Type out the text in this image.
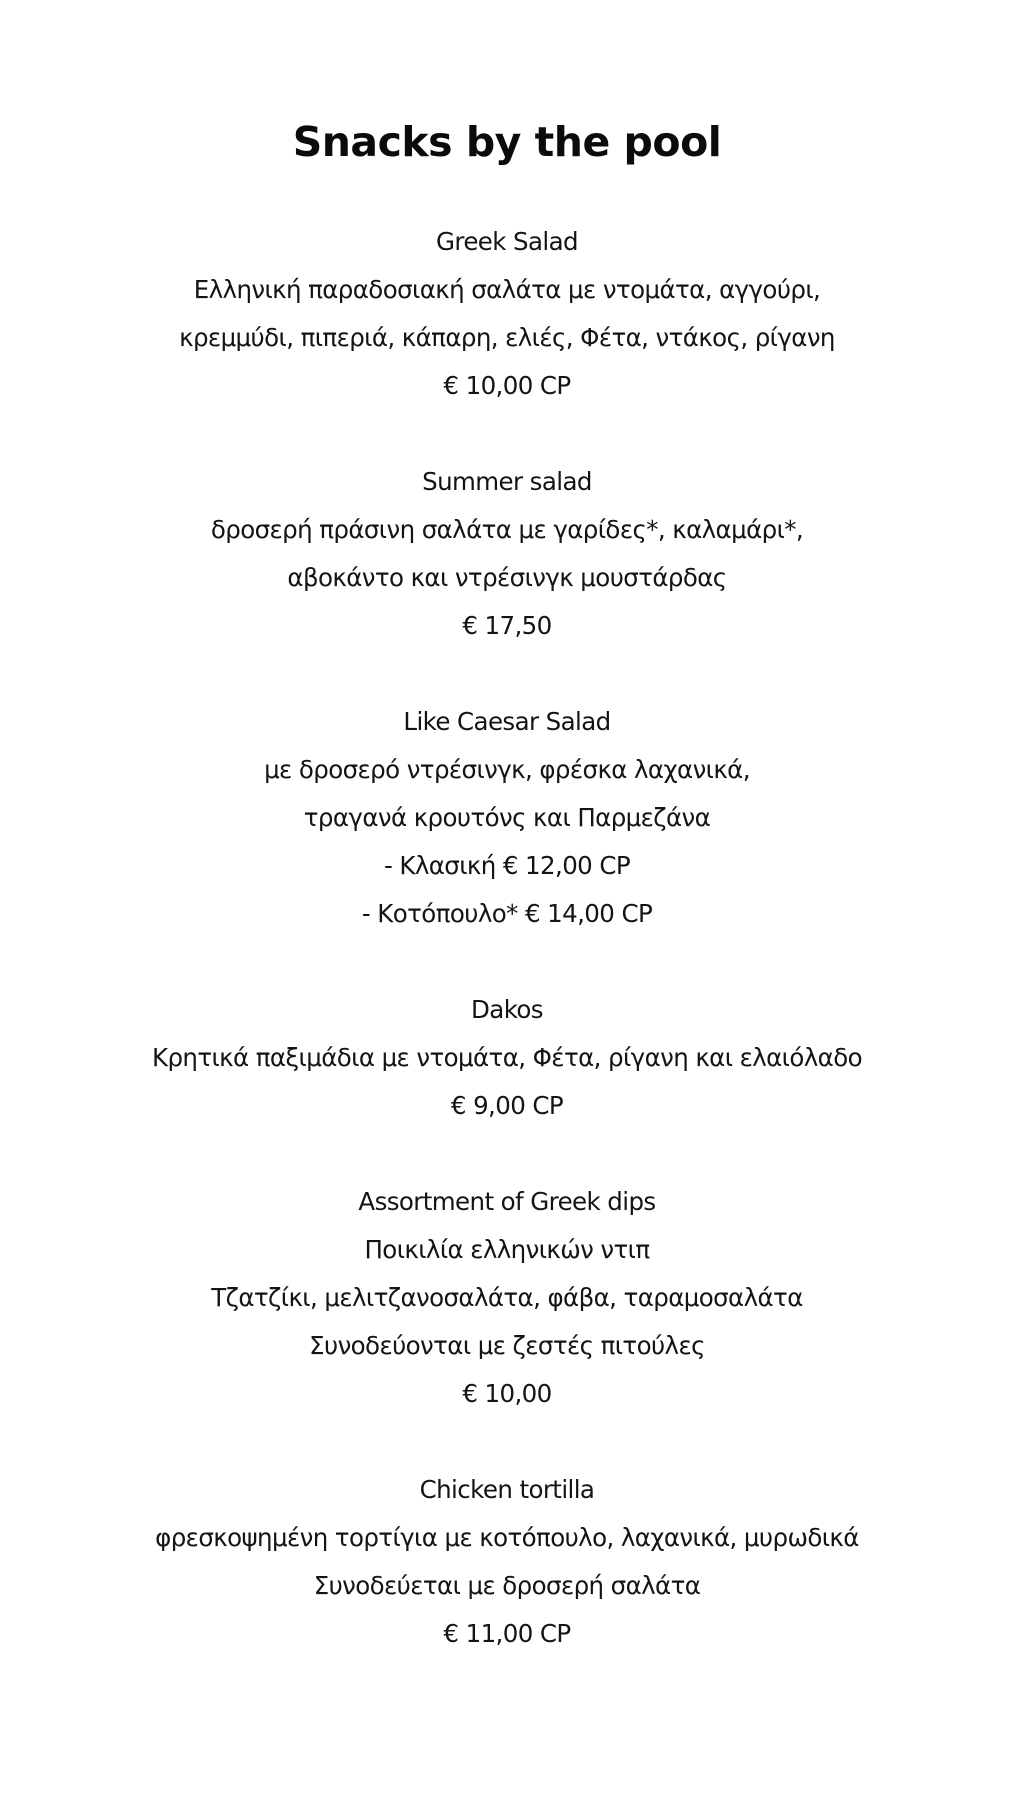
Snacks by the pool
Greek Salad
Ελληνική παραδοσιακή σαλάτα με ντομάτα, αγγούρι,
κρεμμύδι, πιπεριά, κάπαρη, ελιές, Φέτα, ντάκος, ρίγανη
€ 10,00 CP
Summer salad
δροσερή πράσινη σαλάτα με γαρίδες*, καλαμάρι*,
αβοκάντο και ντρέσινγκ μουστάρδας
€ 17,50
Like Caesar Salad
με δροσερό ντρέσινγκ, φρέσκα λαχανικά,
τραγανά κρουτόνς και Παρμεζάνα
- Κλασική € 12,00 CP
- Κοτόπουλο* € 14,00 CP
Dakos
Κρητικά παξιμάδια με ντομάτα, Φέτα, ρίγανη και ελαιόλαδο
€ 9,00 CP
Assortment of Greek dips
Ποικιλία ελληνικών ντιπ
Τζατζίκι, μελιτζανοσαλάτα, φάβα, ταραμοσαλάτα
Συνοδεύονται με ζεστές πιτούλες
€ 10,00
Chicken tortilla
φρεσκοψημένη τορτίγια με κοτόπουλο, λαχανικά, μυρωδικά
Συνοδεύεται με δροσερή σαλάτα
€ 11,00 CP
